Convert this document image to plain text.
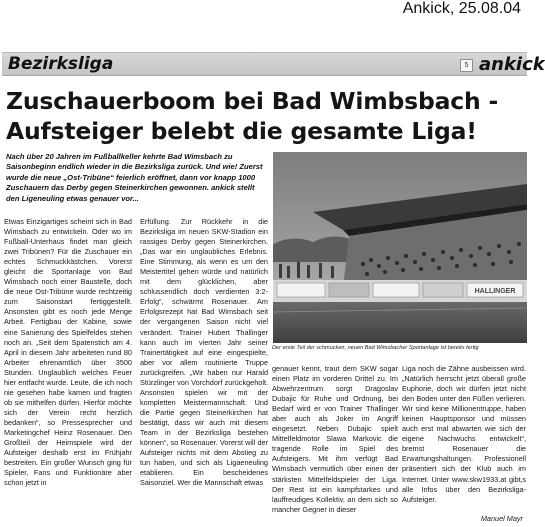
Ankick, 25.08.04
Bezirksliga	5 ankick
Zuschauerboom bei Bad Wimbsbach -
Aufsteiger belebt die gesamte Liga!
Nach über 20 Jahren im Fußballkeller kehrte Bad Wimsbach zu Saisonbeginn endlich wieder in die Bezirksliga zurück. Und wie! Zuerst wurde die neue „Ost-Tribüne“ feierlich eröffnet, dann vor knapp 1000 Zuschauern das Derby gegen Steinerkirchen gewonnen. ankick stellt den Ligeneuling etwas genauer vor...
Etwas Einzigartiges scheint sich in Bad Wimsbach zu entwickeln. Oder wo im Fußball-Unterhaus findet man gleich zwei Tribünen? Für die Zuschauer ein echtes Schmuckkästchen. Vorerst gleicht die Sportanlage von Bad Wimsbach noch einer Baustelle, doch die neue Ost-Tribüne wurde rechtzeitig zum Saisonstart fertiggestellt. Ansonsten gibt es noch jede Menge Arbeit. Fertigbau der Kabine, sowie eine Sanierung des Spielfeldes stehen noch an. „Seit dem Spatenstich am 4. April in diesem Jahr arbeiteten rund 80 Arbeiter ehrenamtlich über 3500 Stunden. Unglaublich welches Feuer hier entfacht wurde. Leute, die ich noch nie gesehen habe kamen und fragten ob sie mithelfen dürfen. Hierfür möchte sich der Verein recht herzlich bedanken“, so Pressesprecher und Marketingchef Heinz Rosenauer. Den Großteil der Heimspiele wird der Aufsteiger deshalb erst im Frühjahr bestreiten. Ein großer Wunsch ging für Spieler, Fans und Funktionäre aber schon jetzt in
Erfüllung. Zur Rückkehr in die Bezirksliga im neuen SKW-Stadion ein rassiges Derby gegen Steinerkirchen. „Das war ein unglaubliches Erlebnis. Eine Stimmung, als wenn es um den Meistertitel gehen würde und natürlich mit dem glücklichen, aber schlussendlich doch verdienten 3:2-Erfolg“, schwärmt Rosenauer. Am Erfolgsrezept hat Bad Wimsbach seit der vergangenen Saison nicht viel verändert. Trainer Hubert Thallinger kann auch im vierten Jahr seiner Trainertätigkeit auf eine eingespielte, aber vor allem routinierte Truppe zurückgreifen. „Wir haben nur Harald Stürzlinger von Vorchdorf zurückgeholt. Ansonsten spielen wir mit der kompletten Meistermannschaft. Und die Partie gegen Steinerkirchen hat bestätigt, dass wir auch mit diesem Team in der Bezirksliga bestehen können“, so Rosenauer. Vorerst will der Aufsteiger nichts mit dem Abstieg zu tun haben, und sich als Ligaeneuling etablieren. Ein bescheidenes Saisonziel. Wer die Mannschaft etwas
HALLINGER
Der erste Teil der schmucken, neuen Bad Wimsbacher Sportanlage ist bereits fertig
genauer kennt, traut dem SKW sogar einen Platz im vorderen Drittel zu. Im Abwehrzentrum sorgt Dragoslav Dubajic für Ruhe und Ordnung, bei Bedarf wird er von Trainer Thallinger aber auch als Joker im Angriff eingesetzt. Neben Dubajic spielt Mittelfeldmotor Slawa Markovic die tragende Rolle im Spiel des Aufsteigers. Mit ihm verfügt Bad Wimsbach vermutlich über einen der stärksten Mittelfeldspieler der Liga. Der Rest ist ein kampfstarkes und lauffreudiges Kollektiv, an dem sich so mancher Gegner in dieser
Liga noch die Zähne ausbeissen wird. „Natürlich herrscht jetzt überall große Euphorie, doch wir dürfen jetzt nicht den Boden unter den Füßen verlieren. Wir sind keine Millionentruppe, haben keinen Hauptsponsor und müssen auch erst mal abwarten wie sich der eigene Nachwuchs entwickelt“, bremst Rosenauer die Erwartungshaltungen. Professionell präsentiert sich der Klub auch im Internet. Unter www.skw1933.at gibt‚s alle Infos über den Bezirksliga-Aufsteiger.
Manuel Mayr
